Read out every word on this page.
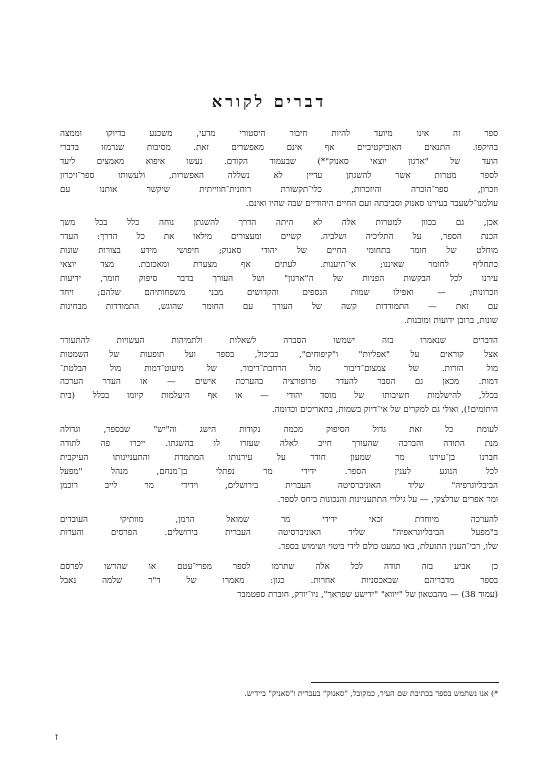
דברים לקורא
ספר זה אינו מיועד להיות חיבור היסטורי מדעי, משכנע בדיוקו וממצה
בהיקפו. התנאים האוביקטיביים אף אינם מאפשרים זאת. מסיבות שנרמזו בדברי
הועד של "ארגון יוצאי סאנוק"*) שבעמוד הקודם. נעשו איפוא מאמצים ליעד
לספר מטרות אשר להשגתן עדיין לא נשללה האפשרות, ולעשותו ספר־זיכרון
וזכרון, ספר־הוכרה והיזכרות, כלי־תקשורת רוחנית־חווייתית שיקשר אותנו עם
עולמנו־לשעבר בעירנו סאנוק וסביבתה ועם החיים היהודיים שבה שהיו ואינם.
אכן, גם בכוון למטרות אלה לא היתה הדרך להשגתן נוחה כלל בכל משך
הכנת הספר, על התליכיה ושלביה. קשיים ומעצורים מילאו את כל הדרך: העדר
מוחלט של חומר בתחומי החיים של יהודי סאנוק; חיפושי מידע בצורות שונות
כתחליף לחומר שאיננו; אי־היענות. לעתים אף מצערת ומאכזבת. מצד יוצאי
עירנו לכל הבקשות הפניות של ה"ארגון" ושל העורך בדבר סיפוק חומר, ידיעות
וזכרונות; — ואפילו שמות הנספים והקדושים מבני משפחותיהם שלהם; ויחד
עם זאת — התמודדות קשה של העורך עם החומר שהוגש, התמודדות מבחינות
שונות, ברובן ידועות ומובנות.
הדברים שנאמרו בזה ישמשו הסברה לשאלות ולתמיהות העשויות להתעורר
אצל קוראים על "אפליות" ו"קיפוחים", כביכול, בספר ועל תופעות של השמטות
מול הזרות. של צמצום־דיבור מול הרחבת־דיבור. של מיעוט־דמות מול הבלטת־
דמות. מכאן גם הסבר להעדר פרופורציה בהערכת אישים — או העדר הערכה
בכלל, להישלמות חשיבותו של מוסד יהודי — או אף היעלמות קיומו בכלל (בית
היתומים!), ואולי גם למקרים של אי־דיוק בשמות, בתאריכים וכדומה.
לעומת כל זאת גדול הסיפוק מכמה נקודות הישג וה"יש" שבספר, וגדולה
מנת התודה והברכה שהעורך חייב לאלה שעזרו לו בהשגתו. ייכרו פה לתודה
חברנו בן־עירנו מר שמעון חודר על עירנותו המתמדת והתעניינותו העיקבית
לכל הנוגע לענין הספר. ידידי מר נפתלי בן־מנחם, מנהל "מפעל
הביבליוגרפיה" שליד האוניברסיטה העברית בירושלים, וידידי מר לייב רוכמן
ומר אפרים שדלצקי, — על גילויי התתעניינות והנכונות ביחס לספר.
להערכה מיוחדת זכאי ידידי מר שמואל הרמן, מוותיקי העובדים
ב"מפעל הביבליוגראפיה" שליד האוניברסיטה העברית בירושלים. הפרסים והערות
שלו, רבי־הענין התועלת, באו כמעט כולם לידי ביטוי ושימוש בספר.
כן אביע בזה תודה לכל אלה שתרמו לספר מפרי־עטם או שהרשו לפרסם
בספר מדבריהם שבאכסניות אחרות. כגון: מאמרו של ד"ר שלמה נאבל
(עמוד 38) — מהבטאון של "ייווא" "ידישע שפראך", ניו־יורק, חוברת ספטמבר
*) אנו נשתמש בספר בכתיבת שם העיר, כמקובל, "סאנוק" בעברית ו"סאניק" ביידיש.
ז
